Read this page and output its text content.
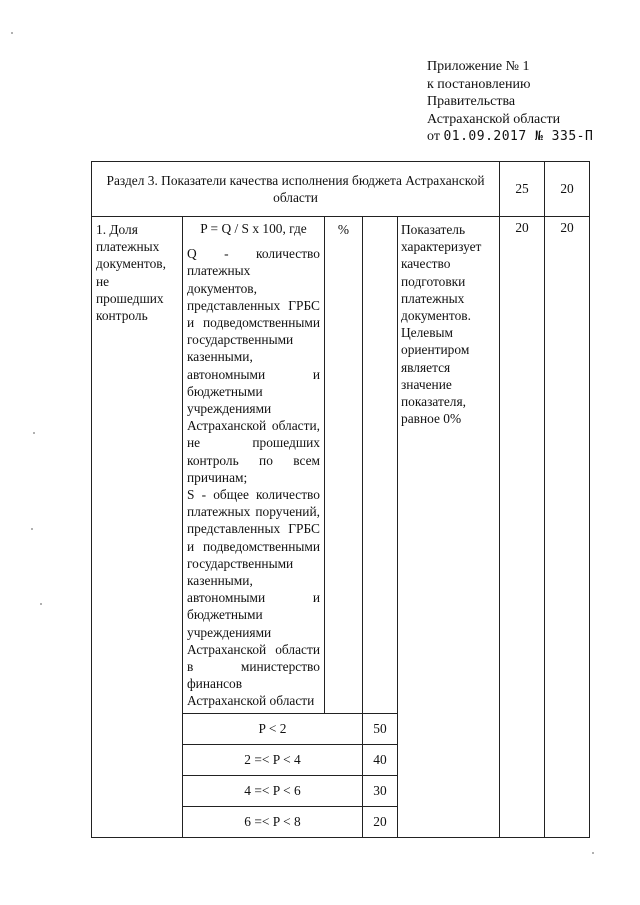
Приложение № 1
к постановлению
Правительства
Астраханской области
от 01.09.2017 № 335-П
Раздел 3. Показатели качества исполнения бюджета Астраханской области					25	20
1. Доля платежных документов, не прошедших контроль	P = Q / S x 100, где
Q - количество платежных документов, представленных ГРБС и подведомственными государственными казенными, автономными и бюджетными учреждениями Астраханской области, не прошедших контроль по всем причинам;
S - общее количество платежных поручений, представленных ГРБС и подведомственными государственными казенными, автономными и бюджетными учреждениями Астраханской области в министерство финансов Астраханской области	%		Показатель характеризует качество подготовки платежных документов. Целевым ориентиром является значение показателя, равное 0%	20	20
	P < 2		50			
	2 =< P < 4		40			
	4 =< P < 6		30			
	6 =< P < 8		20			
